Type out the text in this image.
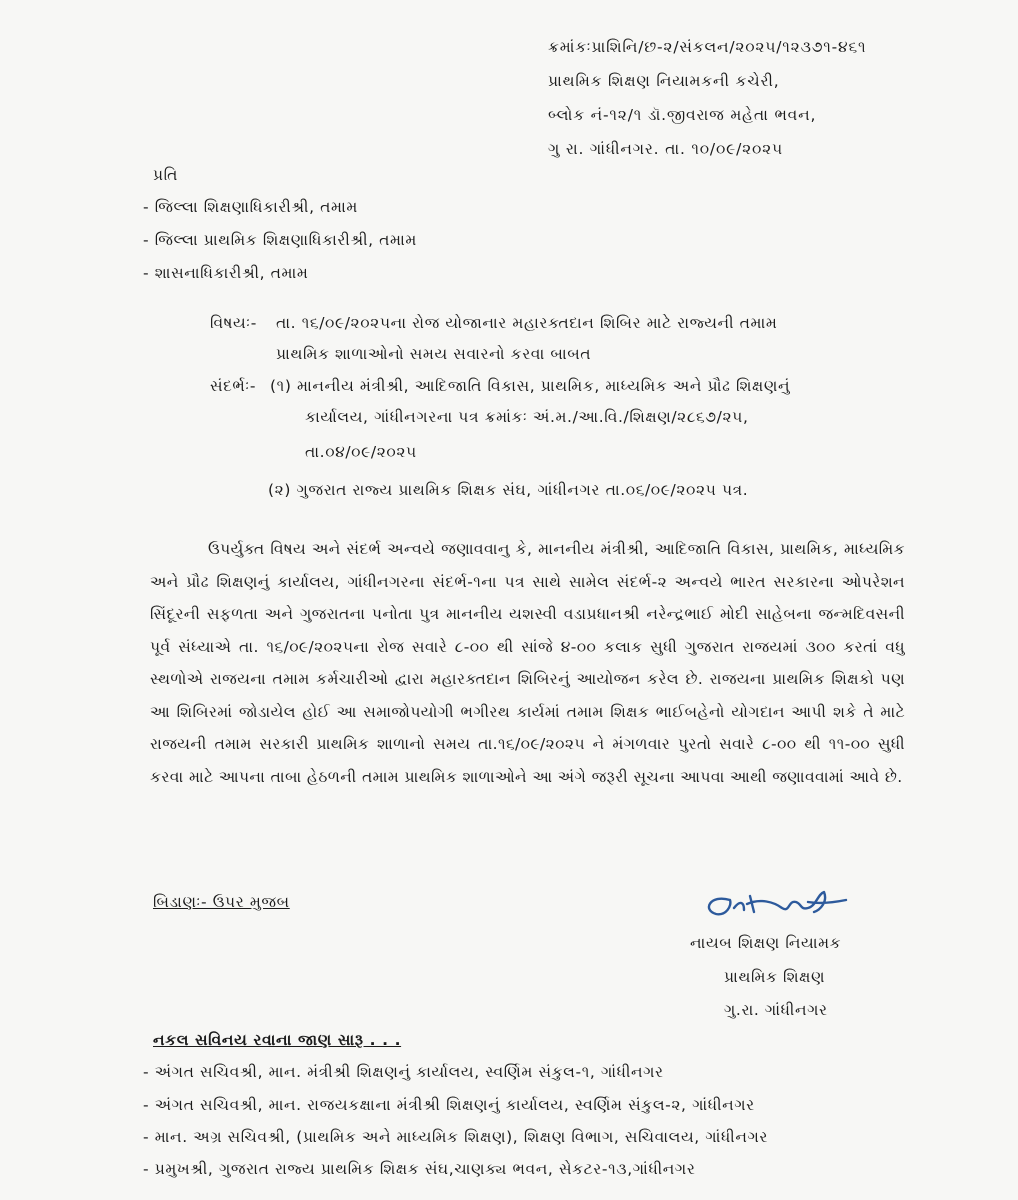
ક્રમાંકઃપ્રાશિનિ/છ-૨/સંકલન/૨૦૨૫/૧૨૩૭૧-૪૬૧
પ્રાથમિક શિક્ષણ નિયામકની કચેરી,
બ્લોક નં-૧૨/૧ ડૉ.જીવરાજ મહેતા ભવન,
ગુ રા. ગાંધીનગર. તા. ૧૦/૦૯/૨૦૨૫
પ્રતિ
- જિલ્લા શિક્ષણાધિકારીશ્રી, તમામ
- જિલ્લા પ્રાથમિક શિક્ષણાધિકારીશ્રી, તમામ
- શાસનાધિકારીશ્રી, તમામ
વિષયઃ- તા. ૧૬/૦૯/૨૦૨૫ના રોજ યોજાનાર મહારક્તદાન શિબિર માટે રાજ્યની તમામ
પ્રાથમિક શાળાઓનો સમય સવારનો કરવા બાબત
સંદર્ભઃ- (૧) માનનીય મંત્રીશ્રી, આદિજાતિ વિકાસ, પ્રાથમિક, માધ્યમિક અને પ્રૌઢ શિક્ષણનું
કાર્યાલય, ગાંધીનગરના પત્ર ક્રમાંકઃ અં.મ./આ.વિ./શિક્ષણ/૨૮૬૭/૨૫,
તા.૦૪/૦૯/૨૦૨૫
(૨) ગુજરાત રાજ્ય પ્રાથમિક શિક્ષક સંઘ, ગાંધીનગર તા.૦૬/૦૯/૨૦૨૫ પત્ર.

ઉપર્યુક્ત વિષય અને સંદર્ભ અન્વયે જણાવવાનુ કે, માનનીય મંત્રીશ્રી, આદિજાતિ વિકાસ, પ્રાથમિક, માધ્યમિક અને પ્રૌઢ શિક્ષણનું કાર્યાલય, ગાંધીનગરના સંદર્ભ-૧ના પત્ર સાથે સામેલ સંદર્ભ-૨ અન્વયે ભારત સરકારના ઓપરેશન સિંદૂરની સફળતા અને ગુજરાતના પનોતા પુત્ર માનનીય યશસ્વી વડાપ્રધાનશ્રી નરેન્દ્રભાઈ મોદી સાહેબના જન્મદિવસની પૂર્વ સંધ્યાએ તા. ૧૬/૦૯/૨૦૨૫ના રોજ સવારે ૮-૦૦ થી સાંજે ૪-૦૦ કલાક સુધી ગુજરાત રાજયમાં ૩૦૦ કરતાં વધુ સ્થળોએ રાજયના તમામ કર્મચારીઓ દ્વારા મહારક્તદાન શિબિરનું આયોજન કરેલ છે. રાજયના પ્રાથમિક શિક્ષકો પણ આ શિબિરમાં જોડાયેલ હોઈ આ સમાજોપયોગી ભગીરથ કાર્યમાં તમામ શિક્ષક ભાઈબહેનો યોગદાન આપી શકે તે માટે રાજયની તમામ સરકારી પ્રાથમિક શાળાનો સમય તા.૧૬/૦૯/૨૦૨૫ ને મંગળવાર પુરતો સવારે ૮-૦૦ થી ૧૧-૦૦ સુધી કરવા માટે આપના તાબા હેઠળની તમામ પ્રાથમિક શાળાઓને આ અંગે જરૂરી સૂચના આપવા આથી જણાવવામાં આવે છે.

બિડાણઃ- ઉપર મુજબ
નાયબ શિક્ષણ નિયામક
પ્રાથમિક શિક્ષણ
ગુ.રા. ગાંધીનગર
નકલ સવિનય રવાના જાણ સારૂ . . .
- અંગત સચિવશ્રી, માન. મંત્રીશ્રી શિક્ષણનું કાર્યાલય, સ્વર્ણિમ સંકુલ-૧, ગાંધીનગર
- અંગત સચિવશ્રી, માન. રાજયકક્ષાના મંત્રીશ્રી શિક્ષણનું કાર્યાલય, સ્વર્ણિમ સંકુલ-૨, ગાંધીનગર
- માન. અગ્ર સચિવશ્રી, (પ્રાથમિક અને માધ્યમિક શિક્ષણ), શિક્ષણ વિભાગ, સચિવાલય, ગાંધીનગર
- પ્રમુખશ્રી, ગુજરાત રાજ્ય પ્રાથમિક શિક્ષક સંઘ,ચાણક્ય ભવન, સેકટર-૧૩,ગાંધીનગર
